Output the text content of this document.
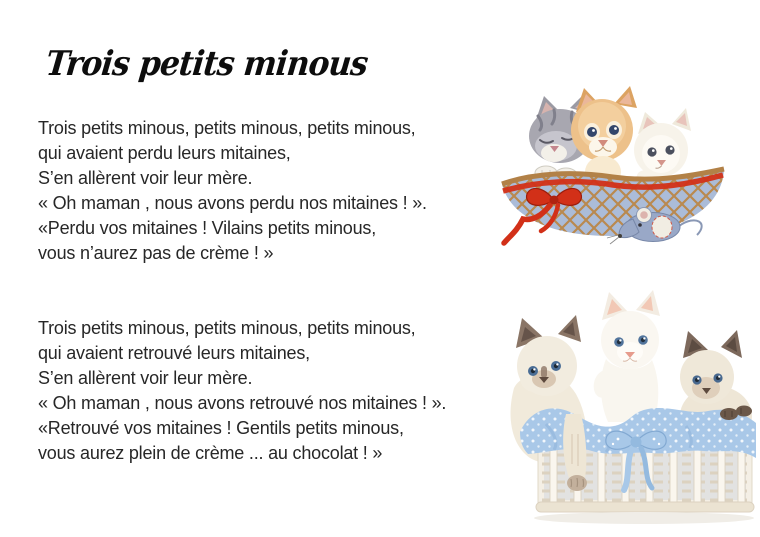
Trois petits minous
Trois petits minous, petits minous, petits minous,
qui avaient perdu leurs mitaines,
S’en allèrent voir leur mère.
« Oh maman , nous avons perdu nos mitaines ! ».
«Perdu vos mitaines ! Vilains petits minous,
vous n’aurez pas de crème ! »
Trois petits minous, petits minous, petits minous,
qui avaient retrouvé leurs mitaines,
S’en allèrent voir leur mère.
« Oh maman , nous avons retrouvé nos mitaines ! ».
«Retrouvé vos mitaines ! Gentils petits minous,
vous aurez plein de crème ... au chocolat ! »
